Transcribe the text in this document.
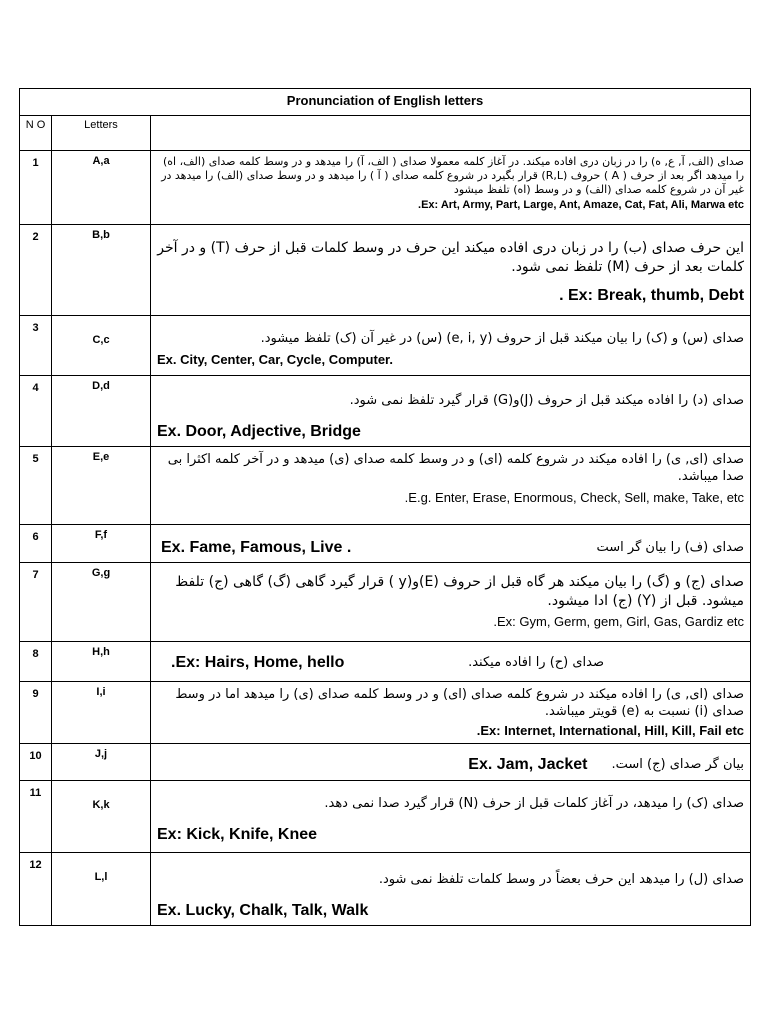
Pronunciation of English letters		
N O	Letters	
1	A,a	صدای (الف, آ, ع, ه) را در زبان دری افاده میکند. در آغاز کلمه معمولا صدای ( الف، آ) را میدهد و در وسط کلمه صدای (الف، اه) را میدهد اگر بعد از حرف ( A ) حروف (R,L) قرار بگیرد در شروع کلمه صدای ( آ ) را میدهد و در وسط صدای (الف) را میدهد در غیر آن در شروع کلمه صدای (الف) و در وسط (اه) تلفظ میشود
.Ex: Art, Army, Part, Large, Ant, Amaze, Cat, Fat, Ali, Marwa etc

2	B,b	این حرف صدای (ب) را در زبان دری افاده میکند این حرف در وسط کلمات قبل از حرف (T) و در آخر کلمات بعد از حرف (M) تلفظ نمی شود.
. Ex: Break, thumb, Debt

3	C,c	صدای (س) و (ک) را بیان میکند قبل از حروف (e, i, y) (س) در غیر آن (ک) تلفظ میشود.
Ex. City, Center, Car, Cycle, Computer.

4	D,d	صدای (د) را افاده میکند قبل از حروف (J)و(G) قرار گیرد تلفظ نمی شود.
Ex. Door, Adjective, Bridge

5	E,e	صدای (ای, ی) را افاده میکند در شروع کلمه (ای) و در وسط کلمه صدای (ی) میدهد و در آخر کلمه اکثرا بی صدا میباشد.
.E.g. Enter, Erase, Enormous, Check, Sell, make, Take, etc

6	F,f	Ex. Fame, Famous, Live . صدای (ف) را بیان گر است

7	G,g	صدای (ج) و (گ) را بیان میکند هر گاه قبل از حروف (E)و(y ) قرار گیرد گاهی (گ) گاهی (ج) تلفظ میشود. قبل از (Y) (ج) ادا میشود.
.Ex: Gym, Germ, gem, Girl, Gas, Gardiz etc

8	H,h	.Ex: Hairs, Home, hello صدای (ح) را افاده میکند.

9	I,i	صدای (ای, ی) را افاده میکند در شروع کلمه صدای (ای) و در وسط کلمه صدای (ی) را میدهد اما در وسط صدای (i) نسبت به (e) قویتر میباشد.
.Ex: Internet, International, Hill, Kill, Fail etc

10	J,j	Ex. Jam, Jacket بیان گر صدای (ج) است.

11	K,k	صدای (ک) را میدهد، در آغاز کلمات قبل از حرف (N) قرار گیرد صدا نمی دهد.
Ex: Kick, Knife, Knee

12	L,l	صدای (ل) را میدهد این حرف بعضاً در وسط کلمات تلفظ نمی شود.
Ex. Lucky, Chalk, Talk, Walk
